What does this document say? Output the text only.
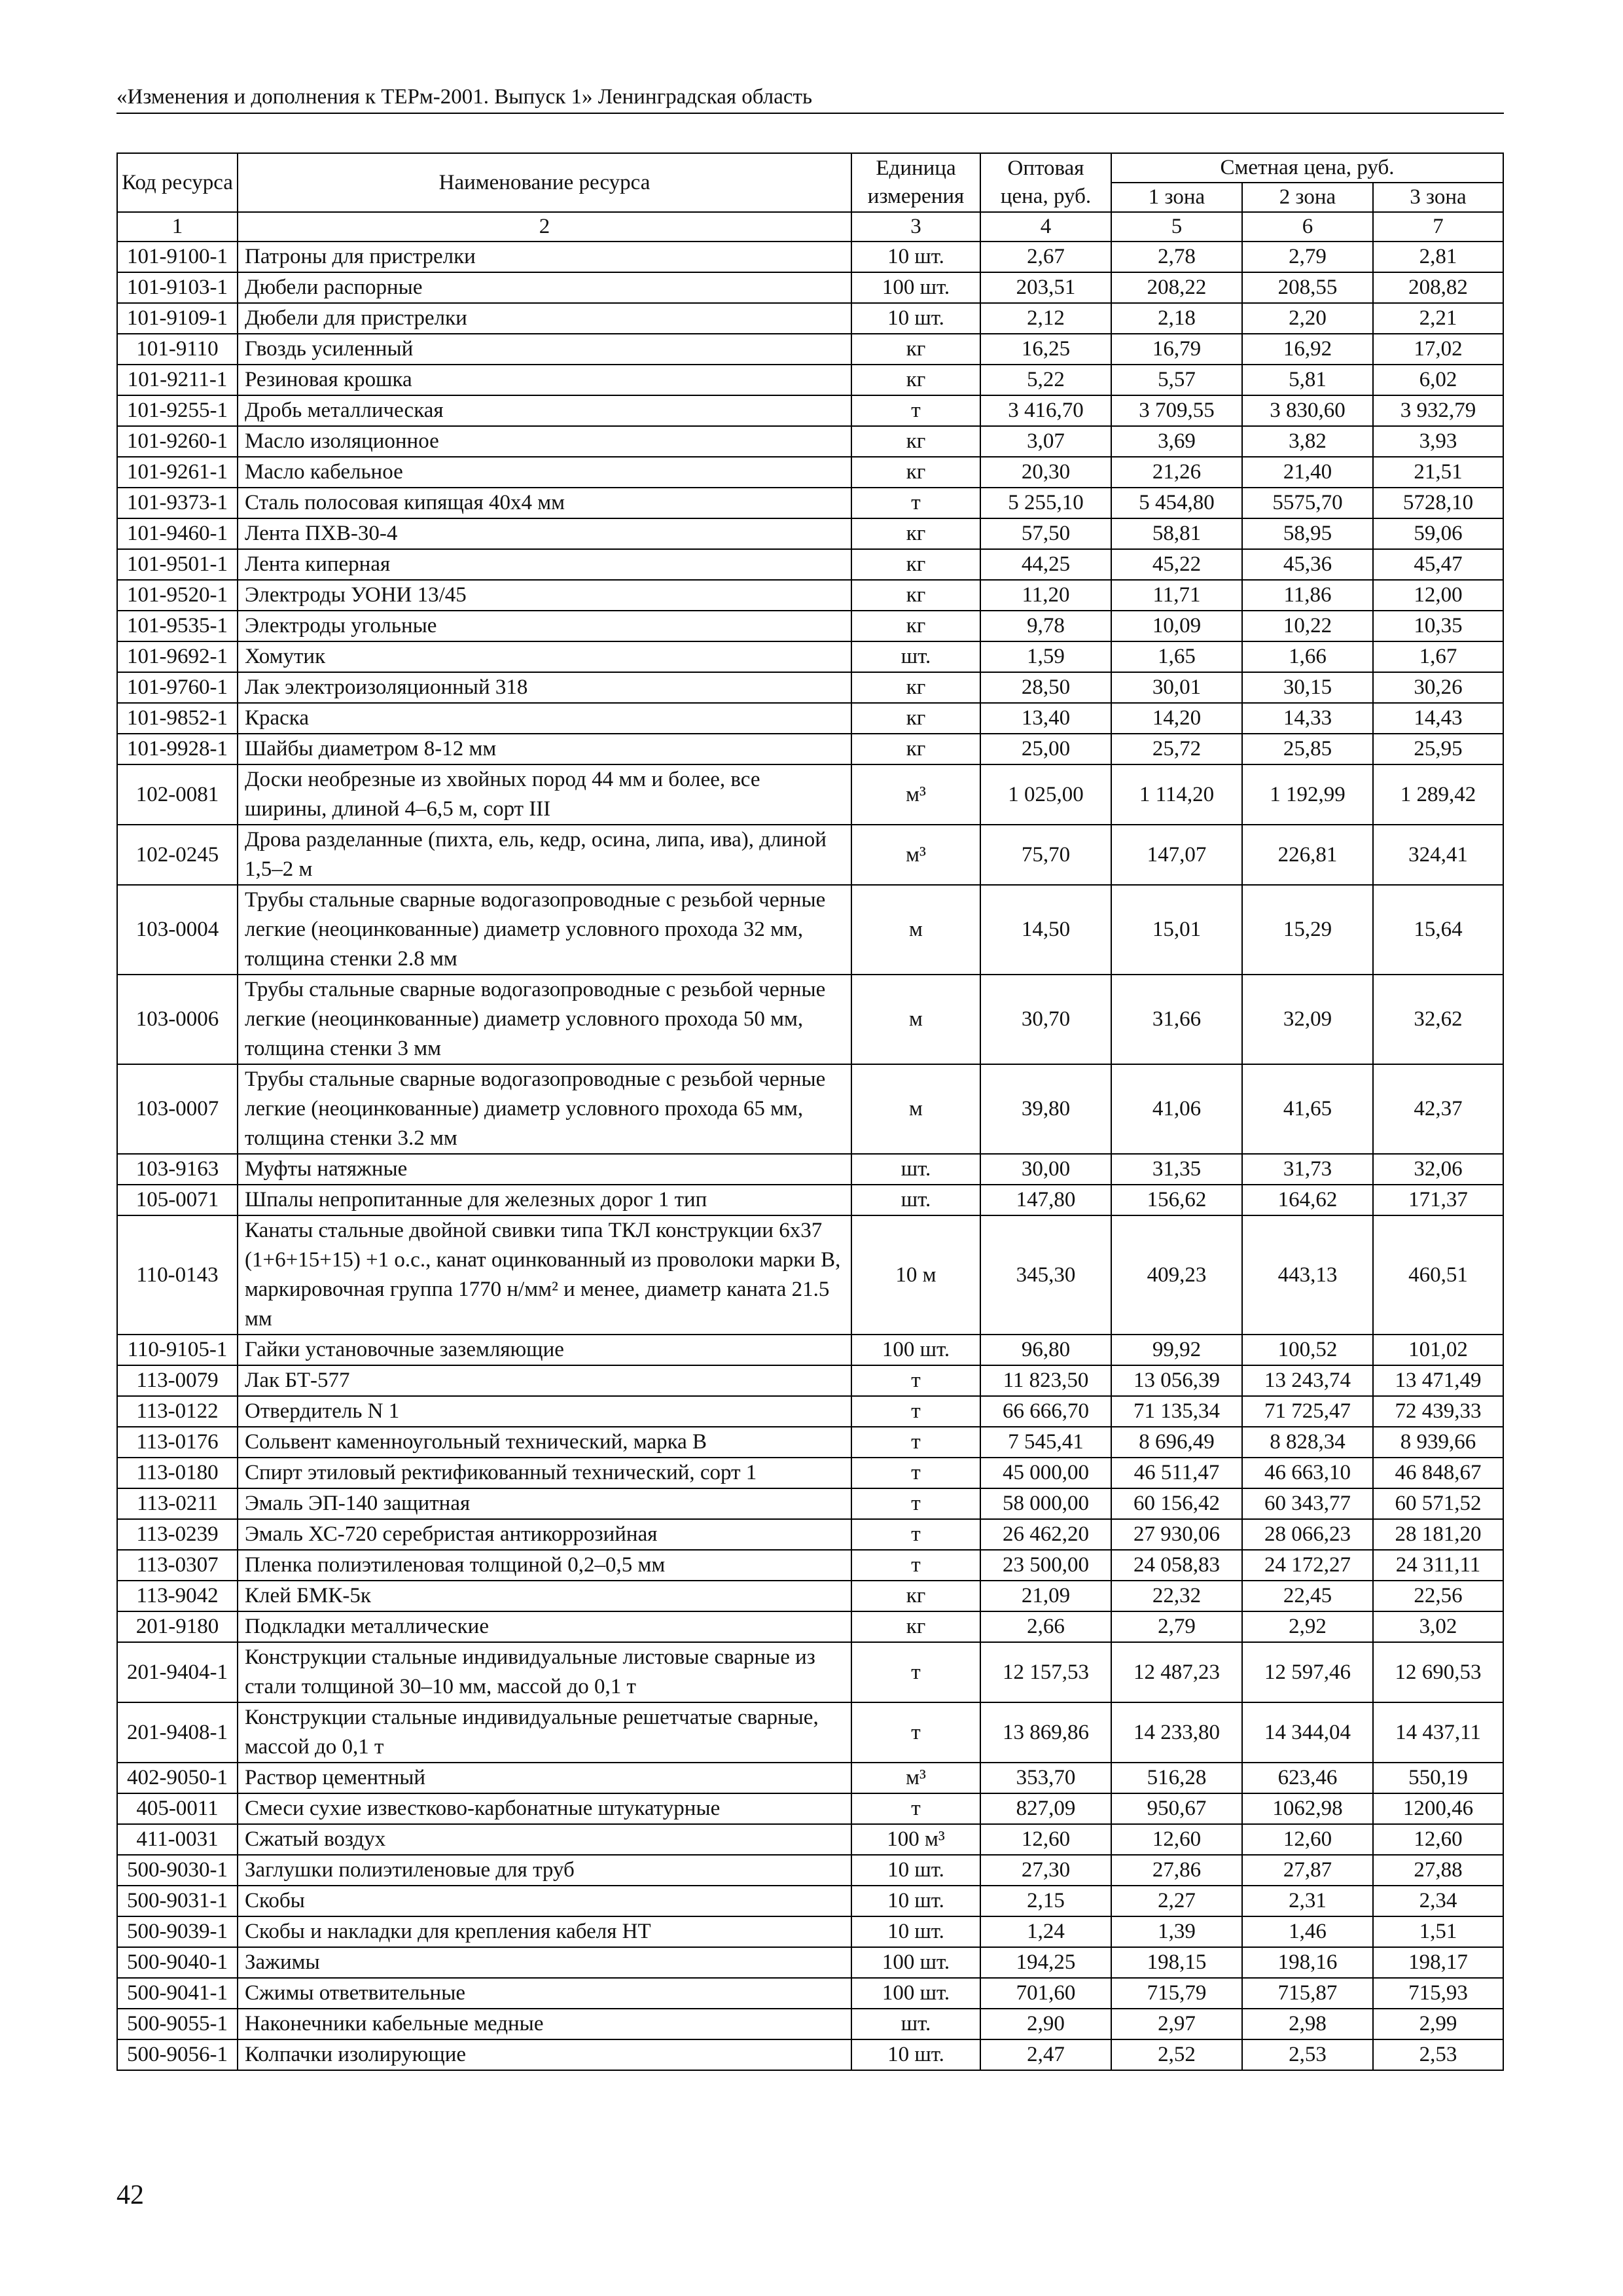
«Изменения и дополнения к ТЕРм-2001. Выпуск 1» Ленинградская область
Код ресурса	Наименование ресурса	Единица измерения	Оптовая цена, руб.	Сметная цена, руб.		
				1 зона	2 зона	3 зона
1	2	3	4	5	6	7
101-9100-1	Патроны для пристрелки	10 шт.	2,67	2,78	2,79	2,81
101-9103-1	Дюбели распорные	100 шт.	203,51	208,22	208,55	208,82
101-9109-1	Дюбели для пристрелки	10 шт.	2,12	2,18	2,20	2,21
101-9110	Гвоздь усиленный	кг	16,25	16,79	16,92	17,02
101-9211-1	Резиновая крошка	кг	5,22	5,57	5,81	6,02
101-9255-1	Дробь металлическая	т	3 416,70	3 709,55	3 830,60	3 932,79
101-9260-1	Масло изоляционное	кг	3,07	3,69	3,82	3,93
101-9261-1	Масло кабельное	кг	20,30	21,26	21,40	21,51
101-9373-1	Сталь полосовая кипящая 40х4 мм	т	5 255,10	5 454,80	5575,70	5728,10
101-9460-1	Лента ПХВ-30-4	кг	57,50	58,81	58,95	59,06
101-9501-1	Лента киперная	кг	44,25	45,22	45,36	45,47
101-9520-1	Электроды УОНИ 13/45	кг	11,20	11,71	11,86	12,00
101-9535-1	Электроды угольные	кг	9,78	10,09	10,22	10,35
101-9692-1	Хомутик	шт.	1,59	1,65	1,66	1,67
101-9760-1	Лак электроизоляционный 318	кг	28,50	30,01	30,15	30,26
101-9852-1	Краска	кг	13,40	14,20	14,33	14,43
101-9928-1	Шайбы диаметром 8-12 мм	кг	25,00	25,72	25,85	25,95
102-0081	Доски необрезные из хвойных пород 44 мм и более, все ширины, длиной 4–6,5 м, сорт III	м³	1 025,00	1 114,20	1 192,99	1 289,42
102-0245	Дрова разделанные (пихта, ель, кедр, осина, липа, ива), длиной 1,5–2 м	м³	75,70	147,07	226,81	324,41
103-0004	Трубы стальные сварные водогазопроводные с резьбой черные легкие (неоцинкованные) диаметр условного прохода 32 мм, толщина стенки 2.8 мм	м	14,50	15,01	15,29	15,64
103-0006	Трубы стальные сварные водогазопроводные с резьбой черные легкие (неоцинкованные) диаметр условного прохода 50 мм, толщина стенки 3 мм	м	30,70	31,66	32,09	32,62
103-0007	Трубы стальные сварные водогазопроводные с резьбой черные легкие (неоцинкованные) диаметр условного прохода 65 мм, толщина стенки 3.2 мм	м	39,80	41,06	41,65	42,37
103-9163	Муфты натяжные	шт.	30,00	31,35	31,73	32,06
105-0071	Шпалы непропитанные для железных дорог 1 тип	шт.	147,80	156,62	164,62	171,37
110-0143	Канаты стальные двойной свивки типа ТКЛ конструкции 6х37 (1+6+15+15) +1 о.с., канат оцинкованный из проволоки марки В, маркировочная группа 1770 н/мм² и менее, диаметр каната 21.5 мм	10 м	345,30	409,23	443,13	460,51
110-9105-1	Гайки установочные заземляющие	100 шт.	96,80	99,92	100,52	101,02
113-0079	Лак БТ-577	т	11 823,50	13 056,39	13 243,74	13 471,49
113-0122	Отвердитель N 1	т	66 666,70	71 135,34	71 725,47	72 439,33
113-0176	Сольвент каменноугольный технический, марка В	т	7 545,41	8 696,49	8 828,34	8 939,66
113-0180	Спирт этиловый ректификованный технический, сорт 1	т	45 000,00	46 511,47	46 663,10	46 848,67
113-0211	Эмаль ЭП-140 защитная	т	58 000,00	60 156,42	60 343,77	60 571,52
113-0239	Эмаль ХС-720 серебристая антикоррозийная	т	26 462,20	27 930,06	28 066,23	28 181,20
113-0307	Пленка полиэтиленовая толщиной 0,2–0,5 мм	т	23 500,00	24 058,83	24 172,27	24 311,11
113-9042	Клей БМК-5к	кг	21,09	22,32	22,45	22,56
201-9180	Подкладки металлические	кг	2,66	2,79	2,92	3,02
201-9404-1	Конструкции стальные индивидуальные листовые сварные из стали толщиной 30–10 мм, массой до 0,1 т	т	12 157,53	12 487,23	12 597,46	12 690,53
201-9408-1	Конструкции стальные индивидуальные решетчатые сварные, массой до 0,1 т	т	13 869,86	14 233,80	14 344,04	14 437,11
402-9050-1	Раствор цементный	м³	353,70	516,28	623,46	550,19
405-0011	Смеси сухие известково-карбонатные штукатурные	т	827,09	950,67	1062,98	1200,46
411-0031	Сжатый воздух	100 м³	12,60	12,60	12,60	12,60
500-9030-1	Заглушки полиэтиленовые для труб	10 шт.	27,30	27,86	27,87	27,88
500-9031-1	Скобы	10 шт.	2,15	2,27	2,31	2,34
500-9039-1	Скобы и накладки для крепления кабеля НТ	10 шт.	1,24	1,39	1,46	1,51
500-9040-1	Зажимы	100 шт.	194,25	198,15	198,16	198,17
500-9041-1	Сжимы ответвительные	100 шт.	701,60	715,79	715,87	715,93
500-9055-1	Наконечники кабельные медные	шт.	2,90	2,97	2,98	2,99
500-9056-1	Колпачки изолирующие	10 шт.	2,47	2,52	2,53	2,53
42
